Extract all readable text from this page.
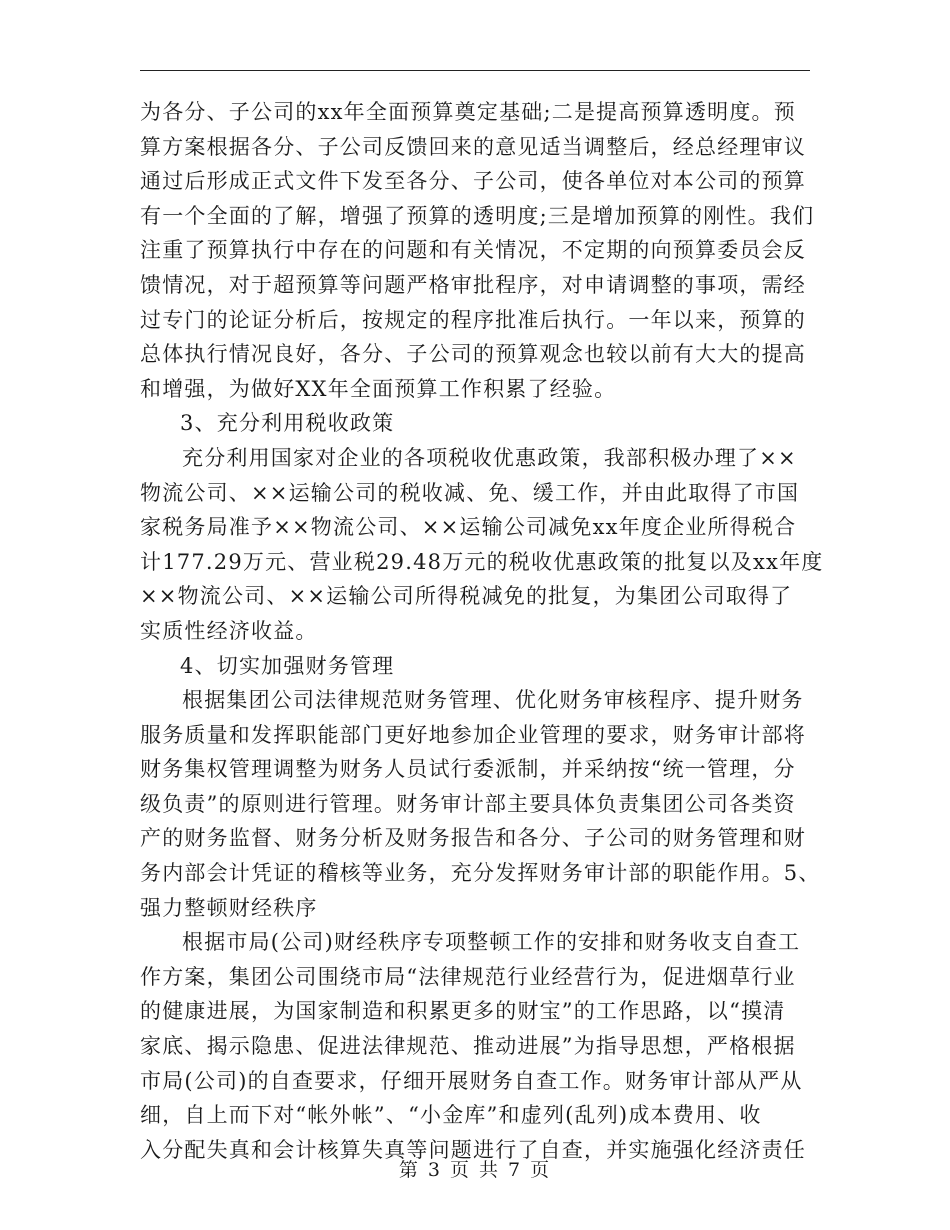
为各分、子公司的xx年全面预算奠定基础;二是提高预算透明度。预
算方案根据各分、子公司反馈回来的意见适当调整后，经总经理审议
通过后形成正式文件下发至各分、子公司，使各单位对本公司的预算
有一个全面的了解，增强了预算的透明度;三是增加预算的刚性。我们
注重了预算执行中存在的问题和有关情况，不定期的向预算委员会反
馈情况，对于超预算等问题严格审批程序，对申请调整的事项，需经
过专门的论证分析后，按规定的程序批准后执行。一年以来，预算的
总体执行情况良好，各分、子公司的预算观念也较以前有大大的提高
和增强，为做好XX年全面预算工作积累了经验。
3、充分利用税收政策
充分利用国家对企业的各项税收优惠政策，我部积极办理了××
物流公司、××运输公司的税收减、免、缓工作，并由此取得了市国
家税务局准予××物流公司、××运输公司减免xx年度企业所得税合
计177.29万元、营业税29.48万元的税收优惠政策的批复以及xx年度
××物流公司、××运输公司所得税减免的批复，为集团公司取得了
实质性经济收益。
4、切实加强财务管理
根据集团公司法律规范财务管理、优化财务审核程序、提升财务
服务质量和发挥职能部门更好地参加企业管理的要求，财务审计部将
财务集权管理调整为财务人员试行委派制，并采纳按“统一管理，分
级负责”的原则进行管理。财务审计部主要具体负责集团公司各类资
产的财务监督、财务分析及财务报告和各分、子公司的财务管理和财
务内部会计凭证的稽核等业务，充分发挥财务审计部的职能作用。5、
强力整顿财经秩序
根据市局(公司)财经秩序专项整顿工作的安排和财务收支自查工
作方案，集团公司围绕市局“法律规范行业经营行为，促进烟草行业
的健康进展，为国家制造和积累更多的财宝”的工作思路，以“摸清
家底、揭示隐患、促进法律规范、推动进展”为指导思想，严格根据
市局(公司)的自查要求，仔细开展财务自查工作。财务审计部从严从
细，自上而下对“帐外帐”、“小金库”和虚列(乱列)成本费用、收
入分配失真和会计核算失真等问题进行了自查，并实施强化经济责任
第 3 页 共 7 页
